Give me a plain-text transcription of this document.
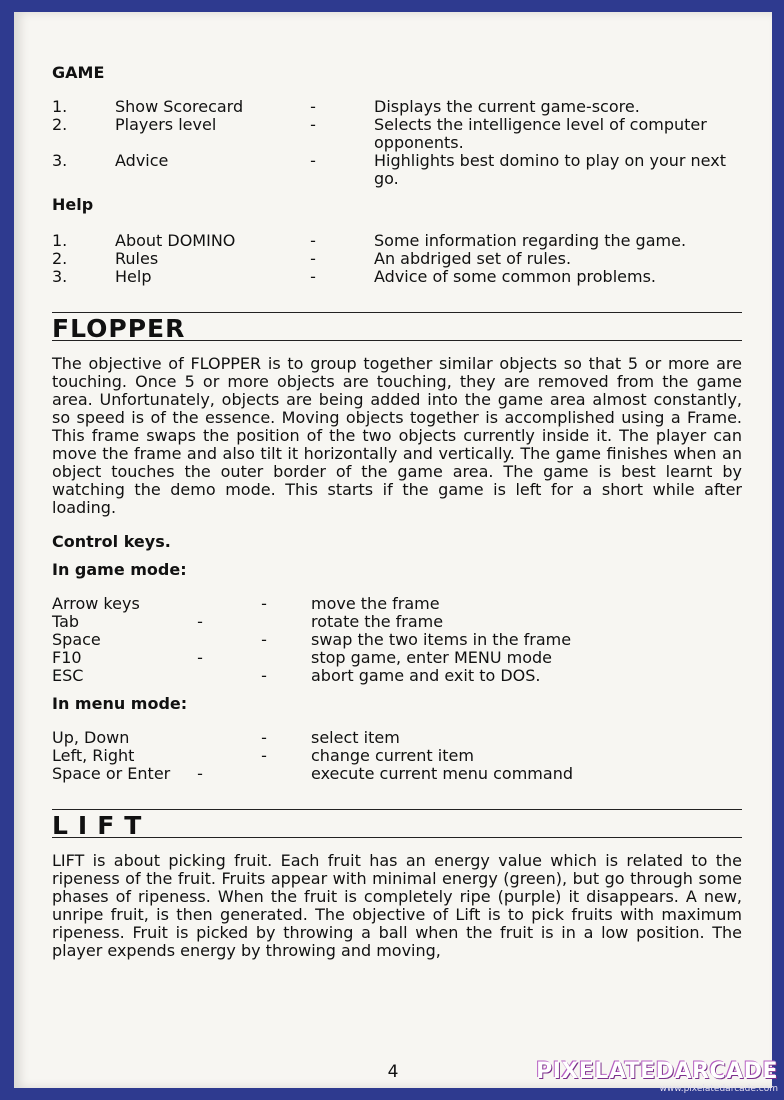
GAME
1.	Show Scorecard	-	Displays the current game-score.
2.	Players level	-	Selects the intelligence level of computer opponents.
3.	Advice	-	Highlights best domino to play on your next go.
Help
1.	About DOMINO	-	Some information regarding the game.
2.	Rules	-	An abdriged set of rules.
3.	Help	-	Advice of some common problems.
FLOPPER

The objective of FLOPPER is to group together similar objects so that 5 or more are touching. Once 5 or more objects are touching, they are removed from the game area. Unfortunately, objects are being added into the game area almost constantly, so speed is of the essence. Moving objects together is accomplished using a Frame. This frame swaps the position of the two objects currently inside it. The player can move the frame and also tilt it horizontally and vertically. The game finishes when an object touches the outer border of the game area. The game is best learnt by watching the demo mode. This starts if the game is left for a short while after loading.

Control keys.
In game mode:
Arrow keys	-	move the frame
Tab	-	rotate the frame
Space	-	swap the two items in the frame
F10	-	stop game, enter MENU mode
ESC	-	abort game and exit to DOS.
In menu mode:
Up, Down	-	select item
Left, Right	-	change current item
Space or Enter -	execute current menu command
LIFT

LIFT is about picking fruit. Each fruit has an energy value which is related to the ripeness of the fruit. Fruits appear with minimal energy (green), but go through some phases of ripeness. When the fruit is completely ripe (purple) it disappears. A new, unripe fruit, is then generated. The objective of Lift is to pick fruits with maximum ripeness. Fruit is picked by throwing a ball when the fruit is in a low position. The player expends energy by throwing and moving,

4	PIXELATEDARCADE
www.pixelatedarcade.com
